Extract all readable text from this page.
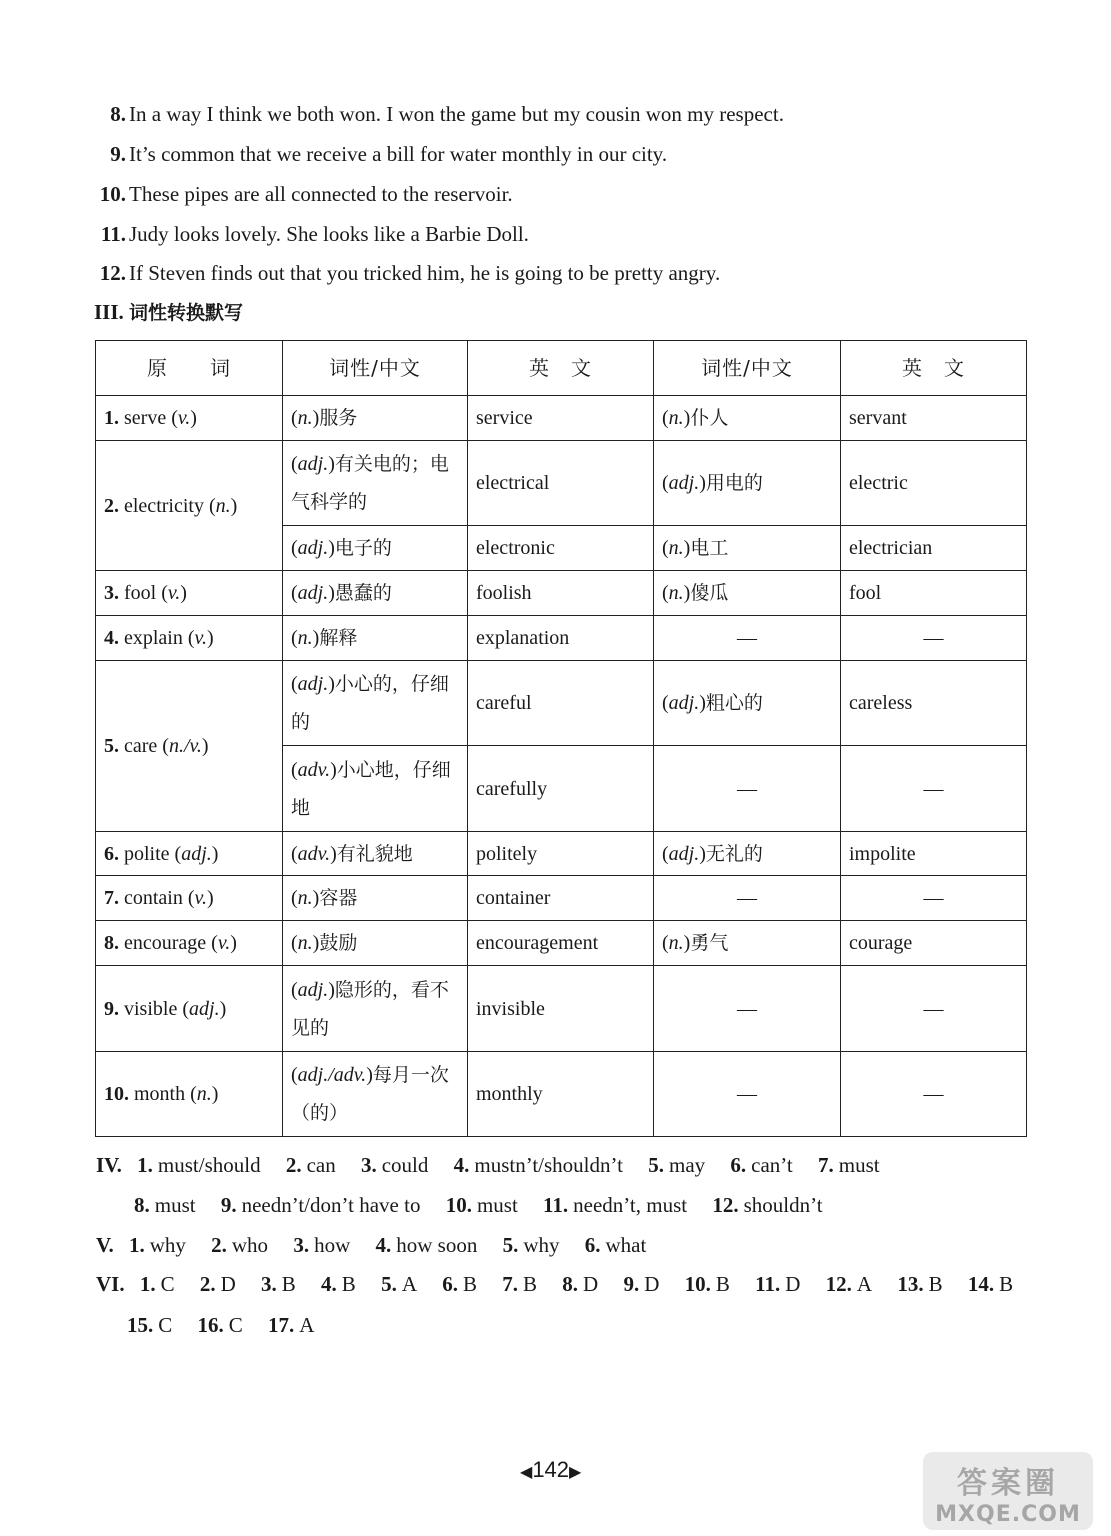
8. In a way I think we both won. I won the game but my cousin won my respect.
9. It’s common that we receive a bill for water monthly in our city.
10. These pipes are all connected to the reservoir.
11. Judy looks lovely. She looks like a Barbie Doll.
12. If Steven finds out that you tricked him, he is going to be pretty angry.
III. 词性转换默写
原　　词	词性/中文	英　文	词性/中文	英　文
1. serve (v.)	(n.)服务	service	(n.)仆人	servant
2. electricity (n.)	(adj.)有关电的；电气科学的	electrical	(adj.)用电的	electric
	(adj.)电子的	electronic	(n.)电工	electrician
3. fool (v.)	(adj.)愚蠢的	foolish	(n.)傻瓜	fool
4. explain (v.)	(n.)解释	explanation	—	—
5. care (n./v.)	(adj.)小心的，仔细的	careful	(adj.)粗心的	careless
	(adv.)小心地，仔细地	carefully	—	—
6. polite (adj.)	(adv.)有礼貌地	politely	(adj.)无礼的	impolite
7. contain (v.)	(n.)容器	container	—	—
8. encourage (v.)	(n.)鼓励	encouragement	(n.)勇气	courage
9. visible (adj.)	(adj.)隐形的，看不见的	invisible	—	—
10. month (n.)	(adj./adv.)每月一次（的）	monthly	—	—
IV. 1. must/should 2. can 3. could 4. mustn’t/shouldn’t 5. may 6. can’t 7. must
8. must 9. needn’t/don’t have to 10. must 11. needn’t, must 12. shouldn’t
V. 1. why 2. who 3. how 4. how soon 5. why 6. what
VI. 1. C 2. D 3. B 4. B 5. A 6. B 7. B 8. D 9. D 10. B 11. D 12. A 13. B 14. B
15. C 16. C 17. A
◀142▶	答案圈
MXQE.COM
